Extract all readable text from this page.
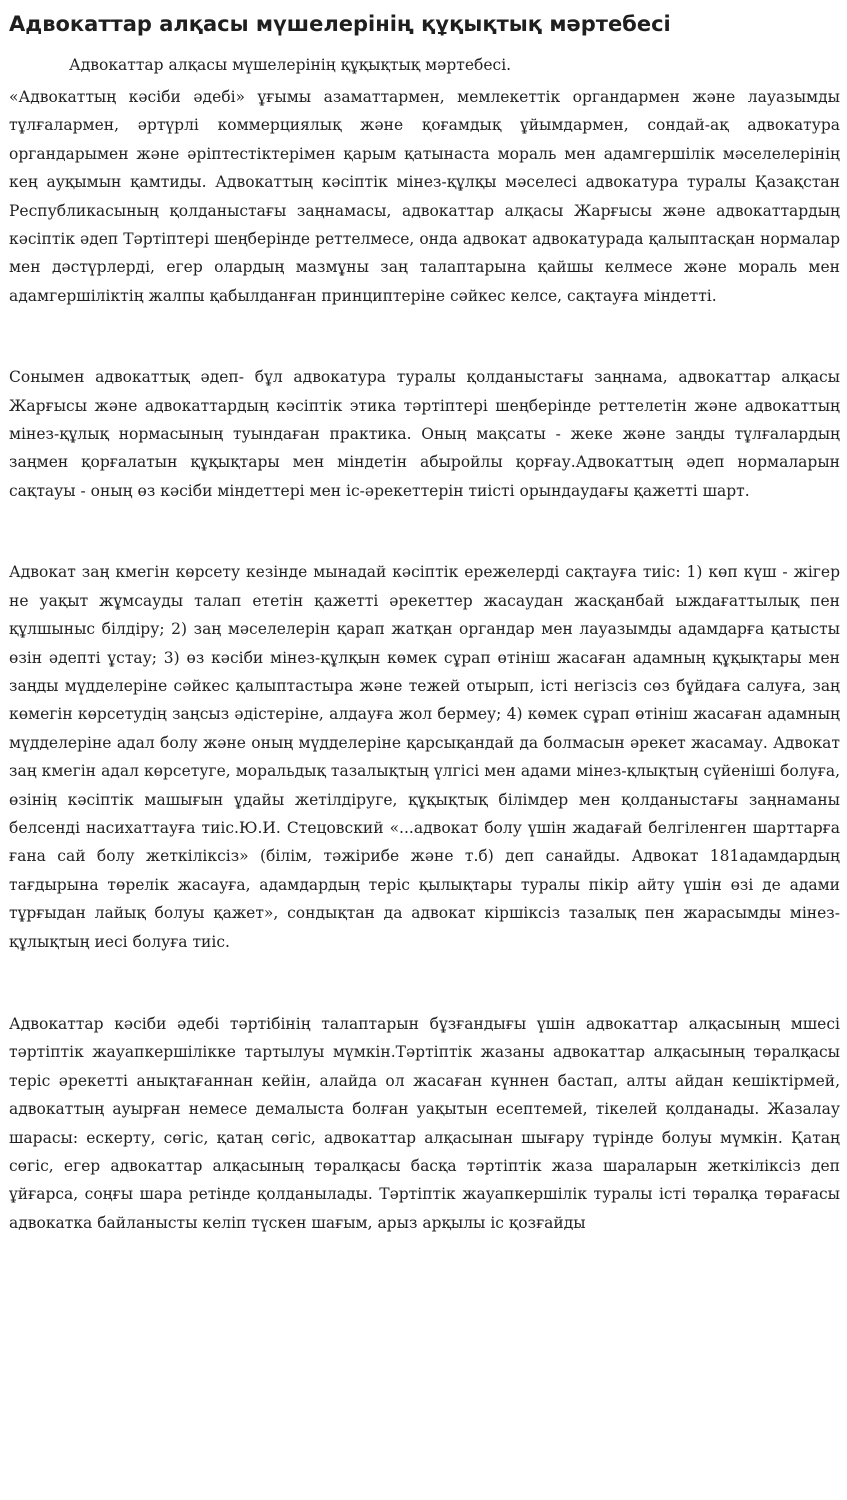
Адвокаттар алқасы мүшелерінің құқықтық мәртебесі

Адвокаттар алқасы мүшелерінің құқықтық мәртебесі.

«Адвокаттың кәсіби әдебі» ұғымы азаматтармен, мемлекеттік органдармен және лауазымды тұлғалармен, әртүрлі коммерциялық және қоғамдық ұйымдармен, сондай-ақ адвокатура органдарымен және әріптестіктерімен қарым қатынаста мораль мен адамгершілік мәселелерінің кең ауқымын қамтиды. Адвокаттың кәсіптік мінез-құлқы мәселесі адвокатура туралы Қазақстан Республикасының қолданыстағы заңнамасы, адвокаттар алқасы Жарғысы және адвокаттардың кәсіптік әдеп Тәртіптері шеңберінде реттелмесе, онда адвокат адвокатурада қалыптасқан нормалар мен дәстүрлерді, егер олардың мазмұны заң талаптарына қайшы келмесе және мораль мен адамгершіліктің жалпы қабылданған принциптеріне сәйкес келсе, сақтауға міндетті.

Сонымен адвокаттық әдеп- бұл адвокатура туралы қолданыстағы заңнама, адвокаттар алқасы Жарғысы және адвокаттардың кәсіптік этика тәртіптері шеңберінде реттелетін және адвокаттың мінез-құлық нормасының туындаған практика. Оның мақсаты - жеке және заңды тұлғалардың заңмен қорғалатын құқықтары мен міндетін абыройлы қорғау.Адвокаттың әдеп нормаларын сақтауы - оның өз кәсіби міндеттері мен іс-әрекеттерін тиісті орындаудағы қажетті шарт.

Адвокат заң кмегін көрсету кезінде мынадай кәсіптік ережелерді сақтауға тиіс: 1) көп күш - жігер не уақыт жұмсауды талап ететін қажетті әрекеттер жасаудан жасқанбай ыждағаттылық пен құлшыныс білдіру; 2) заң мәселелерін қарап жатқан органдар мен лауазымды адамдарға қатысты өзін әдепті ұстау; 3) өз кәсіби мінез-құлқын көмек сұрап өтініш жасаған адамның құқықтары мен заңды мүдделеріне сәйкес қалыптастыра және тежей отырып, істі негізсіз сөз бұйдаға салуға, заң көмегін көрсетудің заңсыз әдістеріне, алдауға жол бермеу; 4) көмек сұрап өтініш жасаған адамның мүдделеріне адал болу және оның мүдделеріне қарсықандай да болмасын әрекет жасамау. Адвокат заң кмегін адал көрсетуге, моральдық тазалықтың үлгісі мен адами мінез-қлықтың сүйеніші болуға, өзінің кәсіптік машығын ұдайы жетілдіруге, құқықтық білімдер мен қолданыстағы заңнаманы белсенді насихаттауға тиіс.Ю.И. Стецовский «...адвокат болу үшін жадағай белгіленген шарттарға ғана сай болу жеткіліксіз» (білім, тәжірибе және т.б) деп санайды. Адвокат 181адамдардың тағдырына төрелік жасауға, адамдардың теріс қылықтары туралы пікір айту үшін өзі де адами тұрғыдан лайық болуы қажет», сондықтан да адвокат кіршіксіз тазалық пен жарасымды мінез-құлықтың иесі болуға тиіс.

Адвокаттар кәсіби әдебі тәртібінің талаптарын бұзғандығы үшін адвокаттар алқасының мшесі тәртіптік жауапкершілікке тартылуы мүмкін.Тәртіптік жазаны адвокаттар алқасының төралқасы теріс әрекетті анықтағаннан кейін, алайда ол жасаған күннен бастап, алты айдан кешіктірмей, адвокаттың ауырған немесе демалыста болған уақытын есептемей, тікелей қолданады. Жазалау шарасы: ескерту, сөгіс, қатаң сөгіс, адвокаттар алқасынан шығару түрінде болуы мүмкін. Қатаң сөгіс, егер адвокаттар алқасының төралқасы басқа тәртіптік жаза шараларын жеткіліксіз деп ұйғарса, соңғы шара ретінде қолданылады. Тәртіптік жауапкершілік туралы істі төралқа төрағасы адвокатка байланысты келіп түскен шағым, арыз арқылы іс қозғайды
